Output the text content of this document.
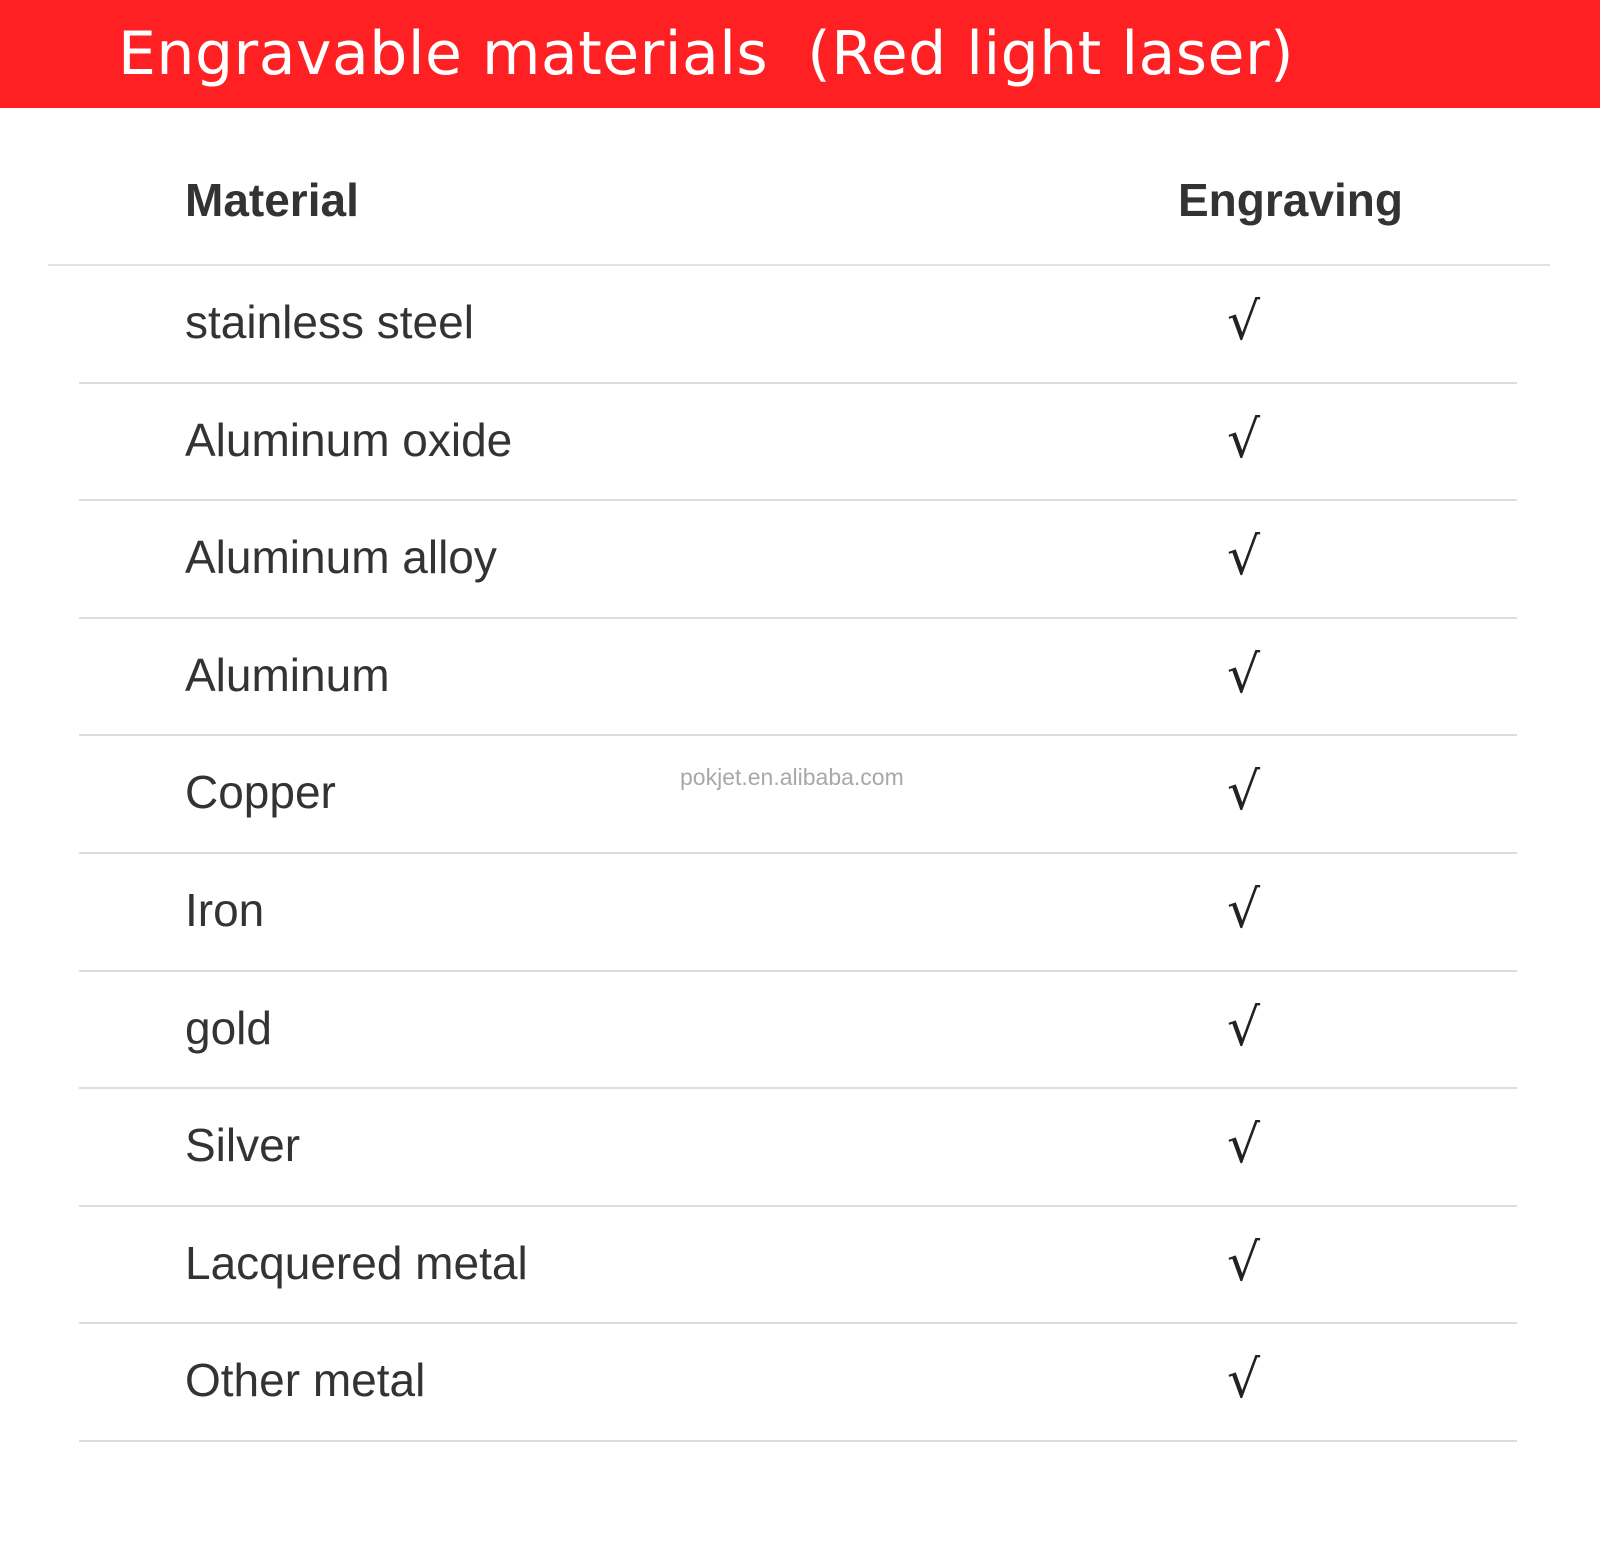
Engravable materials  (Red light laser)
Material	Engraving
stainless steel	√
Aluminum oxide	√
Aluminum alloy	√
Aluminum	√
Copper	√
Iron	√
gold	√
Silver	√
Lacquered metal	√
Other metal	√
pokjet.en.alibaba.com
